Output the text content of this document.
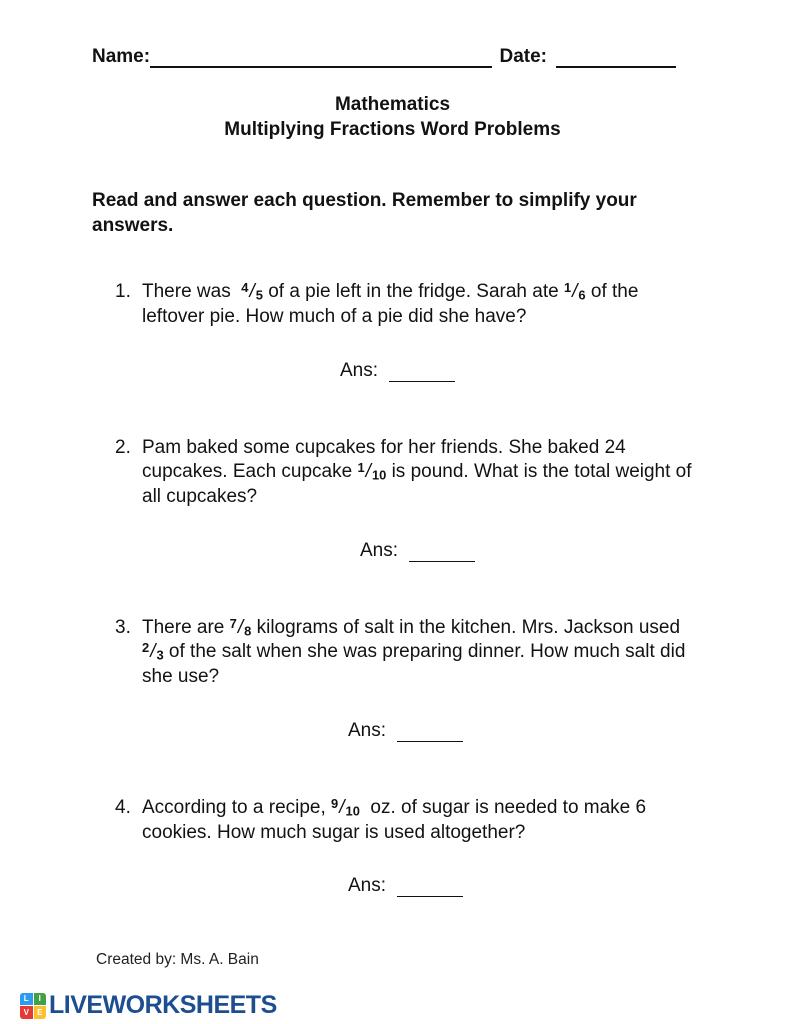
Name:	Date:
Mathematics
Multiplying Fractions Word Problems
Read and answer each question. Remember to simplify your answers.
1. There was  $^4$/5 of a pie left in the fridge. Sarah ate $^1$/6 of the leftover pie. How much of a pie did she have?
Ans:
2. Pam baked some cupcakes for her friends. She baked 24 cupcakes. Each cupcake $^1$/10 is pound. What is the total weight of all cupcakes?
Ans:
3. There are $^7$/8 kilograms of salt in the kitchen. Mrs. Jackson used $^2$/3 of the salt when she was preparing dinner. How much salt did she use?
Ans:
4. According to a recipe, $^9$/10  oz. of sugar is needed to make 6 cookies. How much sugar is used altogether?
Ans:
Created by: Ms. A. Bain
L	I
V	E LIVEWORKSHEETS
